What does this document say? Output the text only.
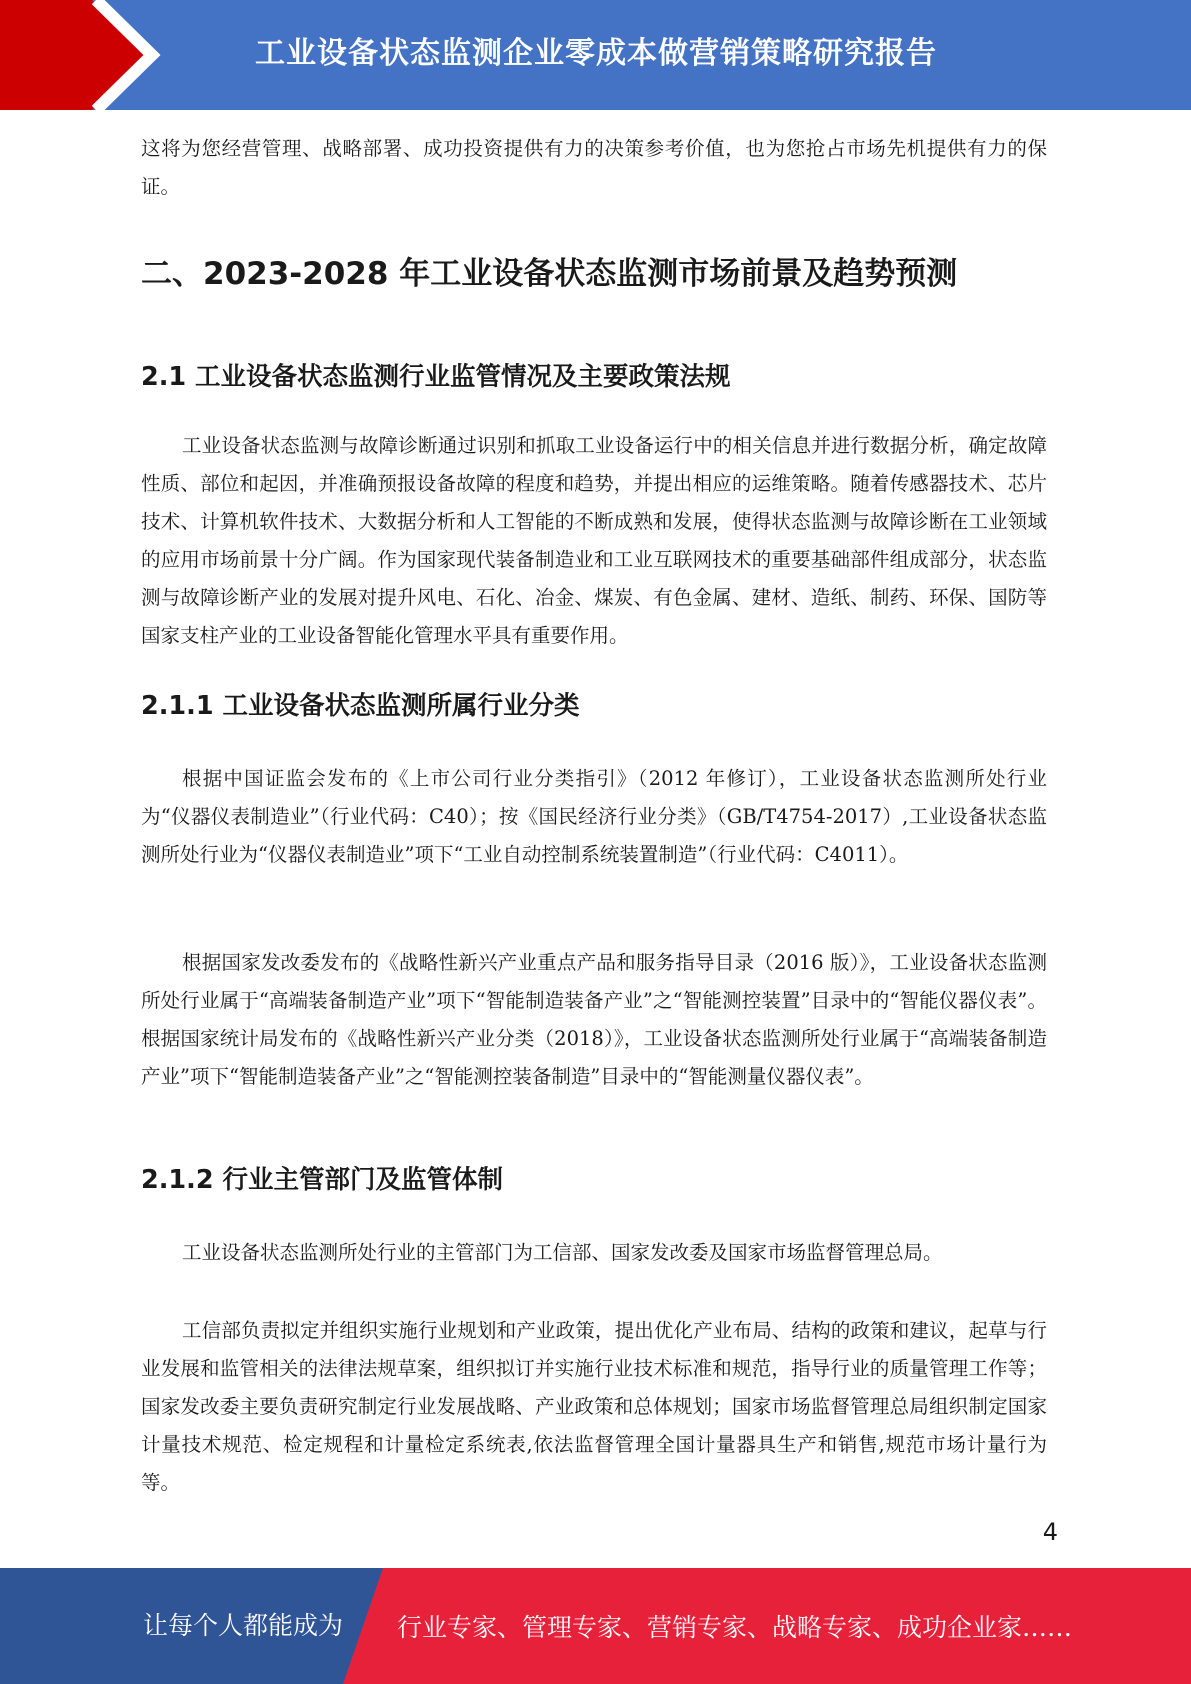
工业设备状态监测企业零成本做营销策略研究报告

这将为您经营管理、战略部署、成功投资提供有力的决策参考价值，也为您抢占市场先机提供有力的保证。

二、2023-2028 年工业设备状态监测市场前景及趋势预测
2.1 工业设备状态监测行业监管情况及主要政策法规

工业设备状态监测与故障诊断通过识别和抓取工业设备运行中的相关信息并进行数据分析，确定故障性质、部位和起因，并准确预报设备故障的程度和趋势，并提出相应的运维策略。随着传感器技术、芯片技术、计算机软件技术、大数据分析和人工智能的不断成熟和发展，使得状态监测与故障诊断在工业领域的应用市场前景十分广阔。作为国家现代装备制造业和工业互联网技术的重要基础部件组成部分，状态监测与故障诊断产业的发展对提升风电、石化、冶金、煤炭、有色金属、建材、造纸、制药、环保、国防等国家支柱产业的工业设备智能化管理水平具有重要作用。

2.1.1 工业设备状态监测所属行业分类

根据中国证监会发布的《上市公司行业分类指引》（2012 年修订），工业设备状态监测所处行业为“仪器仪表制造业”（行业代码：C40）；按《国民经济行业分类》（GB/T4754-2017）,工业设备状态监测所处行业为“仪器仪表制造业”项下“工业自动控制系统装置制造”（行业代码：C4011）。

根据国家发改委发布的《战略性新兴产业重点产品和服务指导目录（2016 版）》，工业设备状态监测所处行业属于“高端装备制造产业”项下“智能制造装备产业”之“智能测控装置”目录中的“智能仪器仪表”。根据国家统计局发布的《战略性新兴产业分类（2018）》，工业设备状态监测所处行业属于“高端装备制造产业”项下“智能制造装备产业”之“智能测控装备制造”目录中的“智能测量仪器仪表”。

2.1.2 行业主管部门及监管体制

工业设备状态监测所处行业的主管部门为工信部、国家发改委及国家市场监督管理总局。

工信部负责拟定并组织实施行业规划和产业政策，提出优化产业布局、结构的政策和建议，起草与行业发展和监管相关的法律法规草案，组织拟订并实施行业技术标准和规范，指导行业的质量管理工作等；国家发改委主要负责研究制定行业发展战略、产业政策和总体规划；国家市场监督管理总局组织制定国家计量技术规范、检定规程和计量检定系统表,依法监督管理全国计量器具生产和销售,规范市场计量行为等。

4
让每个人都能成为 行业专家、管理专家、营销专家、战略专家、成功企业家……
